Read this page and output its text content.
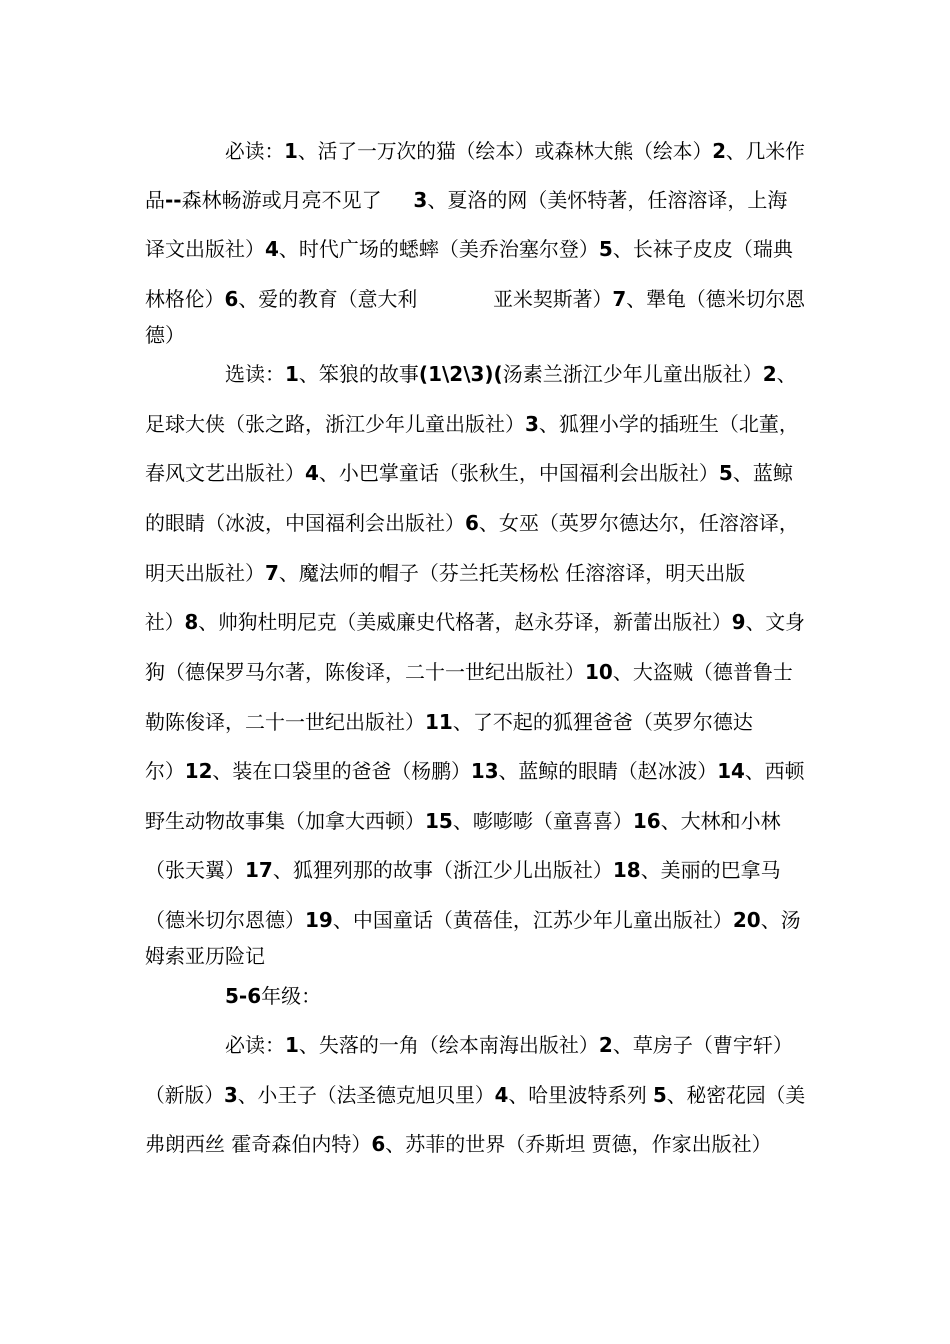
必读：1、活了一万次的猫（绘本）或森林大熊（绘本）2、几米作
品--森林畅游或月亮不见了     3、夏洛的网（美怀特著，任溶溶译，上海
译文出版社）4、时代广场的蟋蟀（美乔治塞尔登）5、长袜子皮皮（瑞典
林格伦）6、爱的教育（意大利            亚米契斯著）7、犟龟（德米切尔恩
德）
选读：1、笨狼的故事(1\2\3)(汤素兰浙江少年儿童出版社）2、
足球大侠（张之路，浙江少年儿童出版社）3、狐狸小学的插班生（北董，
春风文艺出版社）4、小巴掌童话（张秋生，中国福利会出版社）5、蓝鲸
的眼睛（冰波，中国福利会出版社）6、女巫（英罗尔德达尔，任溶溶译，
明天出版社）7、魔法师的帽子（芬兰托芙杨松 任溶溶译，明天出版
社）8、帅狗杜明尼克（美威廉史代格著，赵永芬译，新蕾出版社）9、文身
狗（德保罗马尔著，陈俊译，二十一世纪出版社）10、大盗贼（德普鲁士
勒陈俊译，二十一世纪出版社）11、了不起的狐狸爸爸（英罗尔德达
尔）12、装在口袋里的爸爸（杨鹏）13、蓝鲸的眼睛（赵冰波）14、西顿
野生动物故事集（加拿大西顿）15、嘭嘭嘭（童喜喜）16、大林和小林
（张天翼）17、狐狸列那的故事（浙江少儿出版社）18、美丽的巴拿马
（德米切尔恩德）19、中国童话（黄蓓佳，江苏少年儿童出版社）20、汤
姆索亚历险记
5-6年级：
必读：1、失落的一角（绘本南海出版社）2、草房子（曹宇轩）
（新版）3、小王子（法圣德克旭贝里）4、哈里波特系列 5、秘密花园（美
弗朗西丝 霍奇森伯内特）6、苏菲的世界（乔斯坦 贾德，作家出版社）
